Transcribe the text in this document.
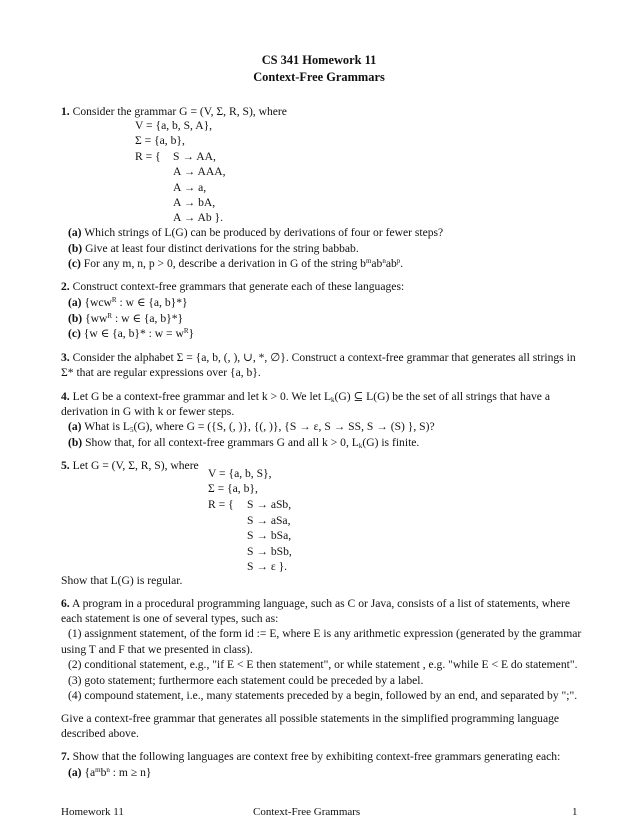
CS 341 Homework 11
Context-Free Grammars
1. Consider the grammar G = (V, Σ, R, S), where
V = {a, b, S, A},
Σ = {a, b},
R = { S → AA,
A → AAA,
A → a,
A → bA,
A → Ab }.
(a) Which strings of L(G) can be produced by derivations of four or fewer steps?
(b) Give at least four distinct derivations for the string babbab.
(c) For any m, n, p > 0, describe a derivation in G of the string $b^mab^nab^p$.
2. Construct context-free grammars that generate each of these languages:
(a) {wcw$^R$ : w ∈ {a, b}*}
(b) {$ww^R$ : w ∈ {a, b}*}
(c) {w ∈ {a, b}* : $w = w^R$}
3. Consider the alphabet Σ = {a, b, (, ), ∪, *, ∅}. Construct a context-free grammar that generates all strings in
Σ* that are regular expressions over {a, b}.
4. Let G be a context-free grammar and let k > 0. We let $L_k(G)$ ⊆ L(G) be the set of all strings that have a
derivation in G with k or fewer steps.
(a) What is $L_5(G)$, where G = ({S, (, )}, {(, )}, {S → ε, S → SS, S → (S) }, S)?
(b) Show that, for all context-free grammars G and all k > 0, $L_k(G)$ is finite.
5. Let G = (V, Σ, R, S), where
V = {a, b, S},
Σ = {a, b},
R = { S → aSb,
S → aSa,
S → bSa,
S → bSb,
S → ε }.
Show that L(G) is regular.
6. A program in a procedural programming language, such as C or Java, consists of a list of statements, where
each statement is one of several types, such as:
(1) assignment statement, of the form id := E, where E is any arithmetic expression (generated by the grammar
using T and F that we presented in class).
(2) conditional statement, e.g., "if E < E then statement", or while statement , e.g. "while E < E do statement".
(3) goto statement; furthermore each statement could be preceded by a label.
(4) compound statement, i.e., many statements preceded by a begin, followed by an end, and separated by ";".
Give a context-free grammar that generates all possible statements in the simplified programming language
described above.
7. Show that the following languages are context free by exhibiting context-free grammars generating each:
(a) {$a^mb^n$ : m ≥ n}
Homework 11	Context-Free Grammars	1
